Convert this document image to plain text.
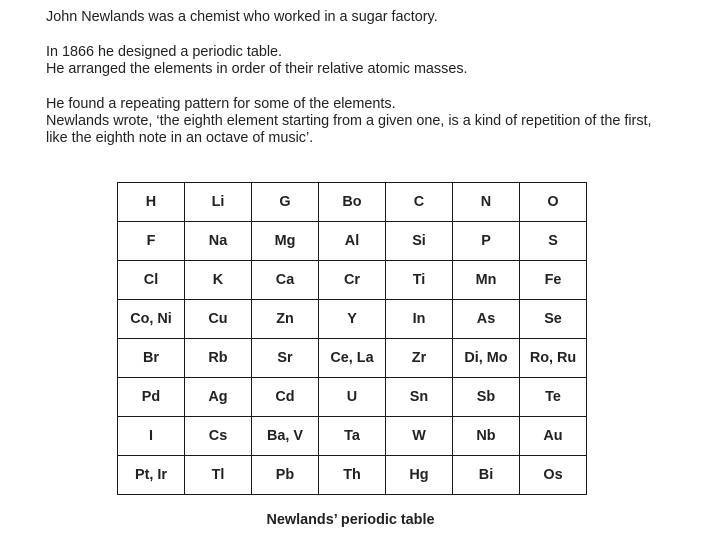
John Newlands was a chemist who worked in a sugar factory.

In 1866 he designed a periodic table.

He arranged the elements in order of their relative atomic masses.

He found a repeating pattern for some of the elements.

Newlands wrote, ‘the eighth element starting from a given one, is a kind of repetition of the first,

like the eighth note in an octave of music’.

H	Li	G	Bo	C	N	O
F	Na	Mg	Al	Si	P	S
Cl	K	Ca	Cr	Ti	Mn	Fe
Co, Ni	Cu	Zn	Y	In	As	Se
Br	Rb	Sr	Ce, La	Zr	Di, Mo	Ro, Ru
Pd	Ag	Cd	U	Sn	Sb	Te
I	Cs	Ba, V	Ta	W	Nb	Au
Pt, Ir	Tl	Pb	Th	Hg	Bi	Os
Newlands’ periodic table
